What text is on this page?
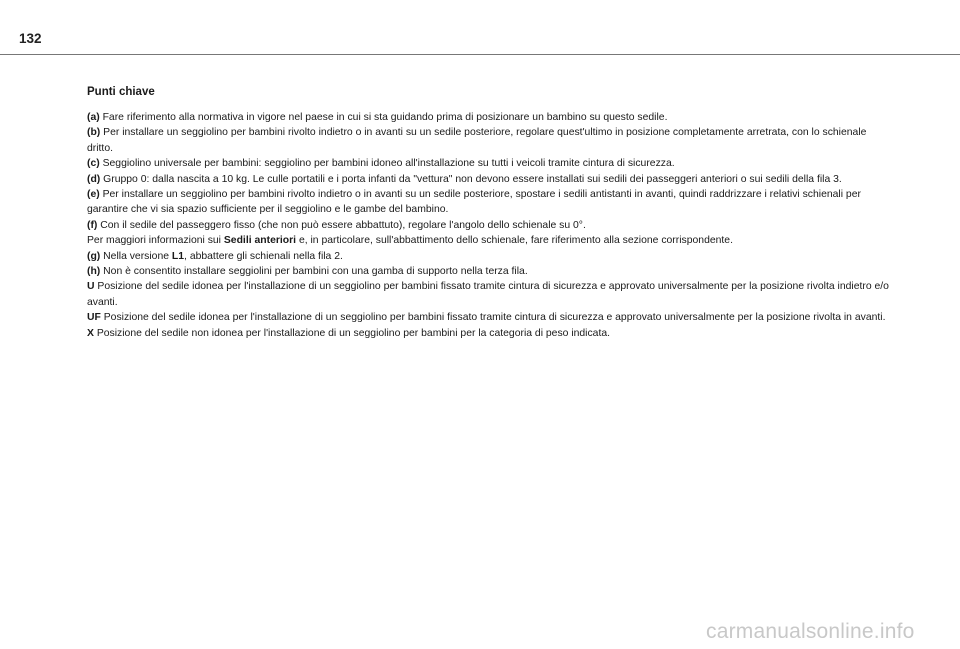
132
Punti chiave

(a) Fare riferimento alla normativa in vigore nel paese in cui si sta guidando prima di posizionare un bambino su questo sedile.

(b) Per installare un seggiolino per bambini rivolto indietro o in avanti su un sedile posteriore, regolare quest'ultimo in posizione completamente arretrata, con lo schienale dritto.

(c) Seggiolino universale per bambini: seggiolino per bambini idoneo all'installazione su tutti i veicoli tramite cintura di sicurezza.

(d) Gruppo 0: dalla nascita a 10 kg. Le culle portatili e i porta infanti da "vettura" non devono essere installati sui sedili dei passeggeri anteriori o sui sedili della fila 3.

(e) Per installare un seggiolino per bambini rivolto indietro o in avanti su un sedile posteriore, spostare i sedili antistanti in avanti, quindi raddrizzare i relativi schienali per garantire che vi sia spazio sufficiente per il seggiolino e le gambe del bambino.

(f) Con il sedile del passeggero fisso (che non può essere abbattuto), regolare l'angolo dello schienale su 0°.

Per maggiori informazioni sui Sedili anteriori e, in particolare, sull'abbattimento dello schienale, fare riferimento alla sezione corrispondente.

(g) Nella versione L1, abbattere gli schienali nella fila 2.

(h) Non è consentito installare seggiolini per bambini con una gamba di supporto nella terza fila.

U Posizione del sedile idonea per l'installazione di un seggiolino per bambini fissato tramite cintura di sicurezza e approvato universalmente per la posizione rivolta indietro e/o avanti.

UF Posizione del sedile idonea per l'installazione di un seggiolino per bambini fissato tramite cintura di sicurezza e approvato universalmente per la posizione rivolta in avanti.

X Posizione del sedile non idonea per l'installazione di un seggiolino per bambini per la categoria di peso indicata.

carmanualsonline.info
